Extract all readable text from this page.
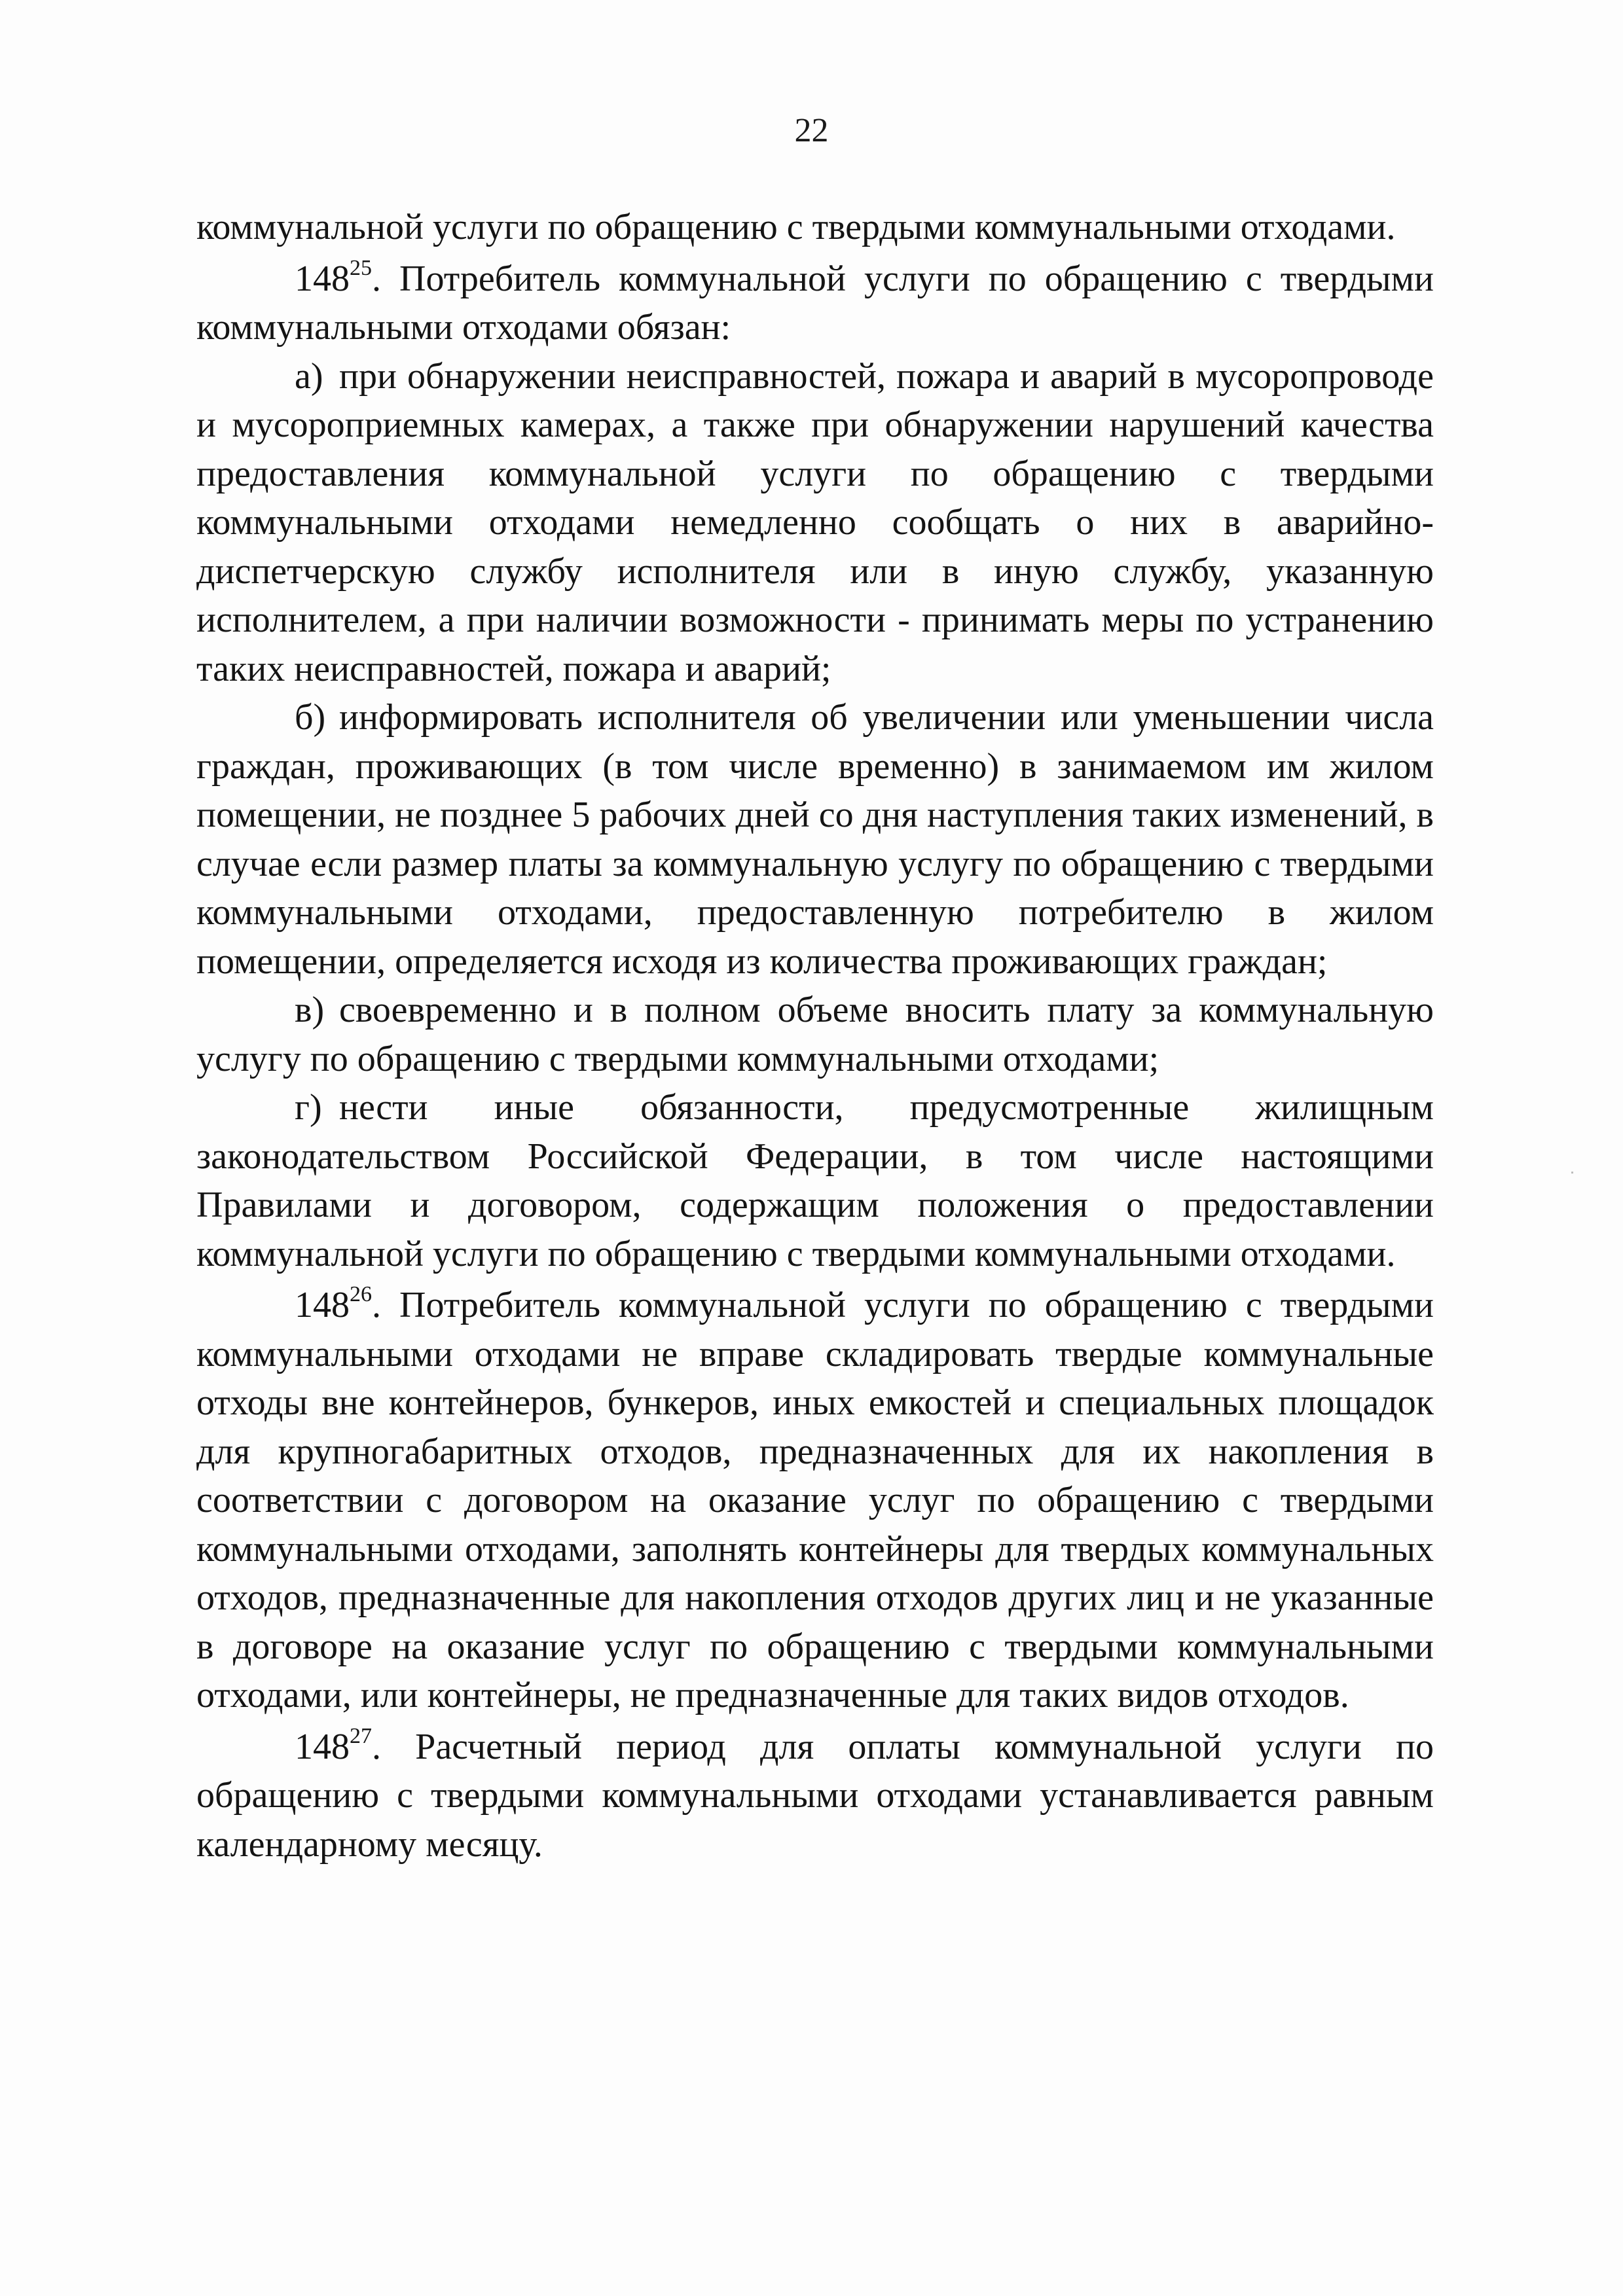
22

коммунальной услуги по обращению с твердыми коммунальными отходами.

$148^{25}$. Потребитель коммунальной услуги по обращению с твердыми коммунальными отходами обязан:

а) при обнаружении неисправностей, пожара и аварий в мусоропроводе и мусороприемных камерах, а также при обнаружении нарушений качества предоставления коммунальной услуги по обращению с твердыми коммунальными отходами немедленно сообщать о них в аварийно-диспетчерскую службу исполнителя или в иную службу, указанную исполнителем, а при наличии возможности - принимать меры по устранению таких неисправностей, пожара и аварий;

б) информировать исполнителя об увеличении или уменьшении числа граждан, проживающих (в том числе временно) в занимаемом им жилом помещении, не позднее 5 рабочих дней со дня наступления таких изменений, в случае если размер платы за коммунальную услугу по обращению с твердыми коммунальными отходами, предоставленную потребителю в жилом помещении, определяется исходя из количества проживающих граждан;

в) своевременно и в полном объеме вносить плату за коммунальную услугу по обращению с твердыми коммунальными отходами;

г) нести иные обязанности, предусмотренные жилищным законодательством Российской Федерации, в том числе настоящими Правилами и договором, содержащим положения о предоставлении коммунальной услуги по обращению с твердыми коммунальными отходами.

$148^{26}$. Потребитель коммунальной услуги по обращению с твердыми коммунальными отходами не вправе складировать твердые коммунальные отходы вне контейнеров, бункеров, иных емкостей и специальных площадок для крупногабаритных отходов, предназначенных для их накопления в соответствии с договором на оказание услуг по обращению с твердыми коммунальными отходами, заполнять контейнеры для твердых коммунальных отходов, предназначенные для накопления отходов других лиц и не указанные в договоре на оказание услуг по обращению с твердыми коммунальными отходами, или контейнеры, не предназначенные для таких видов отходов.

$148^{27}$. Расчетный период для оплаты коммунальной услуги по обращению с твердыми коммунальными отходами устанавливается равным календарному месяцу.
